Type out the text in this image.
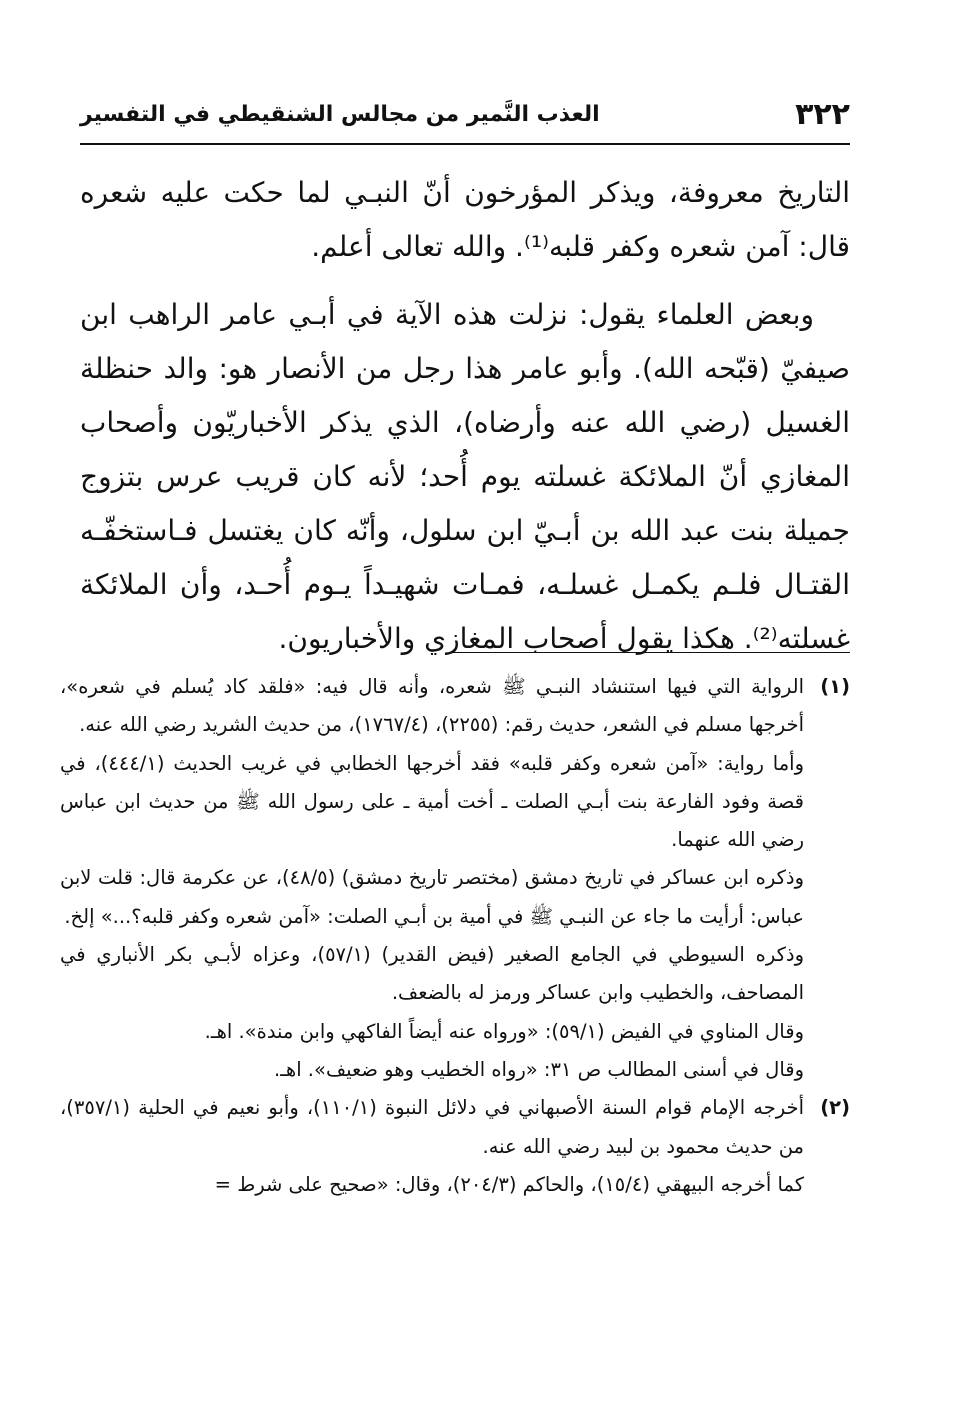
٣٢٢
العذب النَّمير من مجالس الشنقيطي في التفسير

التاريخ معروفة، ويذكر المؤرخون أنّ النبـي لما حكت عليه شعره قال: آمن شعره وكفر قلبه⁽¹⁾. والله تعالى أعلم.

وبعض العلماء يقول: نزلت هذه الآية في أبـي عامر الراهب ابن صيفيّ (قبّحه الله). وأبو عامر هذا رجل من الأنصار هو: والد حنظلة الغسيل (رضي الله عنه وأرضاه)، الذي يذكر الأخباريّون وأصحاب المغازي أنّ الملائكة غسلته يوم أُحد؛ لأنه كان قريب عرس بتزوج جميلة بنت عبد الله بن أبـيّ ابن سلول، وأنّه كان يغتسل فـاستخفّـه القتـال فلـم يكمـل غسلـه، فمـات شهيـداً يـوم أُحـد، وأن الملائكة غسلته⁽²⁾. هكذا يقول أصحاب المغازي والأخباريون.

(١)

الرواية التي فيها استنشاد النبـي ﷺ شعره، وأنه قال فيه: «فلقد كاد يُسلم في شعره»، أخرجها مسلم في الشعر، حديث رقم: (٢٢٥٥)، (١٧٦٧/٤)، من حديث الشريد رضي الله عنه.

وأما رواية: «آمن شعره وكفر قلبه» فقد أخرجها الخطابي في غريب الحديث (٤٤٤/١)، في قصة وفود الفارعة بنت أبـي الصلت ـ أخت أمية ـ على رسول الله ﷺ من حديث ابن عباس رضي الله عنهما.

وذكره ابن عساكر في تاريخ دمشق (مختصر تاريخ دمشق) (٤٨/٥)، عن عكرمة قال: قلت لابن عباس: أرأيت ما جاء عن النبـي ﷺ في أمية بن أبـي الصلت: «آمن شعره وكفر قلبه؟...» إلخ.

وذكره السيوطي في الجامع الصغير (فيض القدير) (٥٧/١)، وعزاه لأبـي بكر الأنباري في المصاحف، والخطيب وابن عساكر ورمز له بالضعف.

وقال المناوي في الفيض (٥٩/١): «ورواه عنه أيضاً الفاكهي وابن مندة». اهـ.

وقال في أسنى المطالب ص ٣١: «رواه الخطيب وهو ضعيف». اهـ.

(٢)

أخرجه الإمام قوام السنة الأصبهاني في دلائل النبوة (١١٠/١)، وأبو نعيم في الحلية (٣٥٧/١)، من حديث محمود بن لبيد رضي الله عنه.

كما أخرجه البيهقي (١٥/٤)، والحاكم (٢٠٤/٣)، وقال: «صحيح على شرط =
